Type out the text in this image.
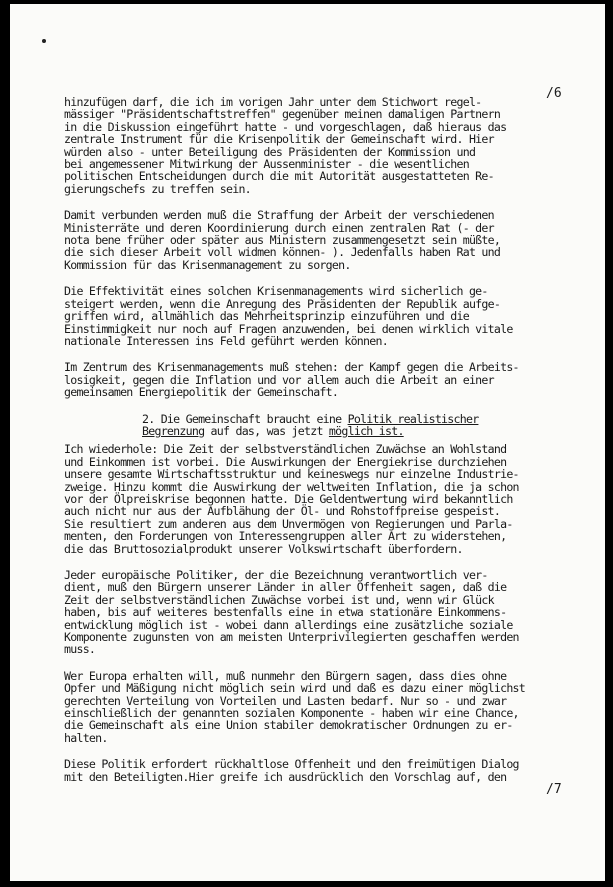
/6

hinzufügen darf, die ich im vorigen Jahr unter dem Stichwort regel-
mässiger "Präsidentschaftstreffen" gegenüber meinen damaligen Partnern
in die Diskussion eingeführt hatte - und vorgeschlagen, daß hieraus das
zentrale Instrument für die Krisenpolitik der Gemeinschaft wird. Hier
würden also - unter Beteiligung des Präsidenten der Kommission und
bei angemessener Mitwirkung der Aussenminister - die wesentlichen
politischen Entscheidungen durch die mit Autorität ausgestatteten Re-
gierungschefs zu treffen sein.

Damit verbunden werden muß die Straffung der Arbeit der verschiedenen
Ministerräte und deren Koordinierung durch einen zentralen Rat (- der
nota bene früher oder später aus Ministern zusammengesetzt sein müßte,
die sich dieser Arbeit voll widmen können- ). Jedenfalls haben Rat und
Kommission für das Krisenmanagement zu sorgen.

Die Effektivität eines solchen Krisenmanagements wird sicherlich ge-
steigert werden, wenn die Anregung des Präsidenten der Republik aufge-
griffen wird, allmählich das Mehrheitsprinzip einzuführen und die
Einstimmigkeit nur noch auf Fragen anzuwenden, bei denen wirklich vitale
nationale Interessen ins Feld geführt werden können.

Im Zentrum des Krisenmanagements muß stehen: der Kampf gegen die Arbeits-
losigkeit, gegen die Inflation und vor allem auch die Arbeit an einer
gemeinsamen Energiepolitik der Gemeinschaft.

2. Die Gemeinschaft braucht eine Politik realistischer
Begrenzung auf das, was jetzt möglich ist.

Ich wiederhole: Die Zeit der selbstverständlichen Zuwächse an Wohlstand
und Einkommen ist vorbei. Die Auswirkungen der Energiekrise durchziehen
unsere gesamte Wirtschaftsstruktur und keineswegs nur einzelne Industrie-
zweige. Hinzu kommt die Auswirkung der weltweiten Inflation, die ja schon
vor der Ölpreiskrise begonnen hatte. Die Geldentwertung wird bekanntlich
auch nicht nur aus der Aufblähung der Öl- und Rohstoffpreise gespeist.
Sie resultiert zum anderen aus dem Unvermögen von Regierungen und Parla-
menten, den Forderungen von Interessengruppen aller Art zu widerstehen,
die das Bruttosozialprodukt unserer Volkswirtschaft überfordern.

Jeder europäische Politiker, der die Bezeichnung verantwortlich ver-
dient, muß den Bürgern unserer Länder in aller Offenheit sagen, daß die
Zeit der selbstverständlichen Zuwächse vorbei ist und, wenn wir Glück
haben, bis auf weiteres bestenfalls eine in etwa stationäre Einkommens-
entwicklung möglich ist - wobei dann allerdings eine zusätzliche soziale
Komponente zugunsten von am meisten Unterprivilegierten geschaffen werden
muss.

Wer Europa erhalten will, muß nunmehr den Bürgern sagen, dass dies ohne
Opfer und Mäßigung nicht möglich sein wird und daß es dazu einer möglichst
gerechten Verteilung von Vorteilen und Lasten bedarf. Nur so - und zwar
einschließlich der genannten sozialen Komponente - haben wir eine Chance,
die Gemeinschaft als eine Union stabiler demokratischer Ordnungen zu er-
halten.

Diese Politik erfordert rückhaltlose Offenheit und den freimütigen Dialog
mit den Beteiligten.Hier greife ich ausdrücklich den Vorschlag auf, den

/7
